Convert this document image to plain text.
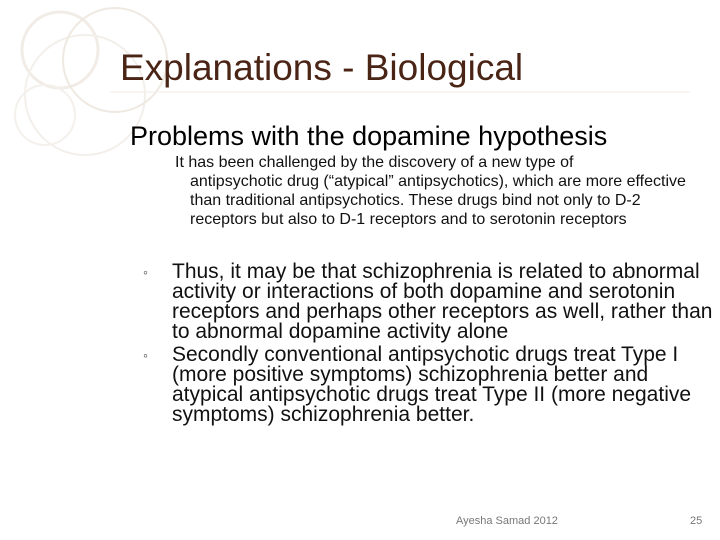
Explanations - Biological
Problems with the dopamine hypothesis
It has been challenged by the discovery of a new type of
antipsychotic drug (“atypical” antipsychotics), which are more effective than traditional antipsychotics. These drugs bind not only to D-2 receptors but also to D-1 receptors and to serotonin receptors
◦ Thus, it may be that schizophrenia is related to abnormal activity or interactions of both dopamine and serotonin receptors and perhaps other receptors as well, rather than to abnormal dopamine activity alone
◦ Secondly conventional antipsychotic drugs treat Type I (more positive symptoms) schizophrenia better and atypical antipsychotic drugs treat Type II (more negative symptoms) schizophrenia better.
Ayesha Samad 2012	25
